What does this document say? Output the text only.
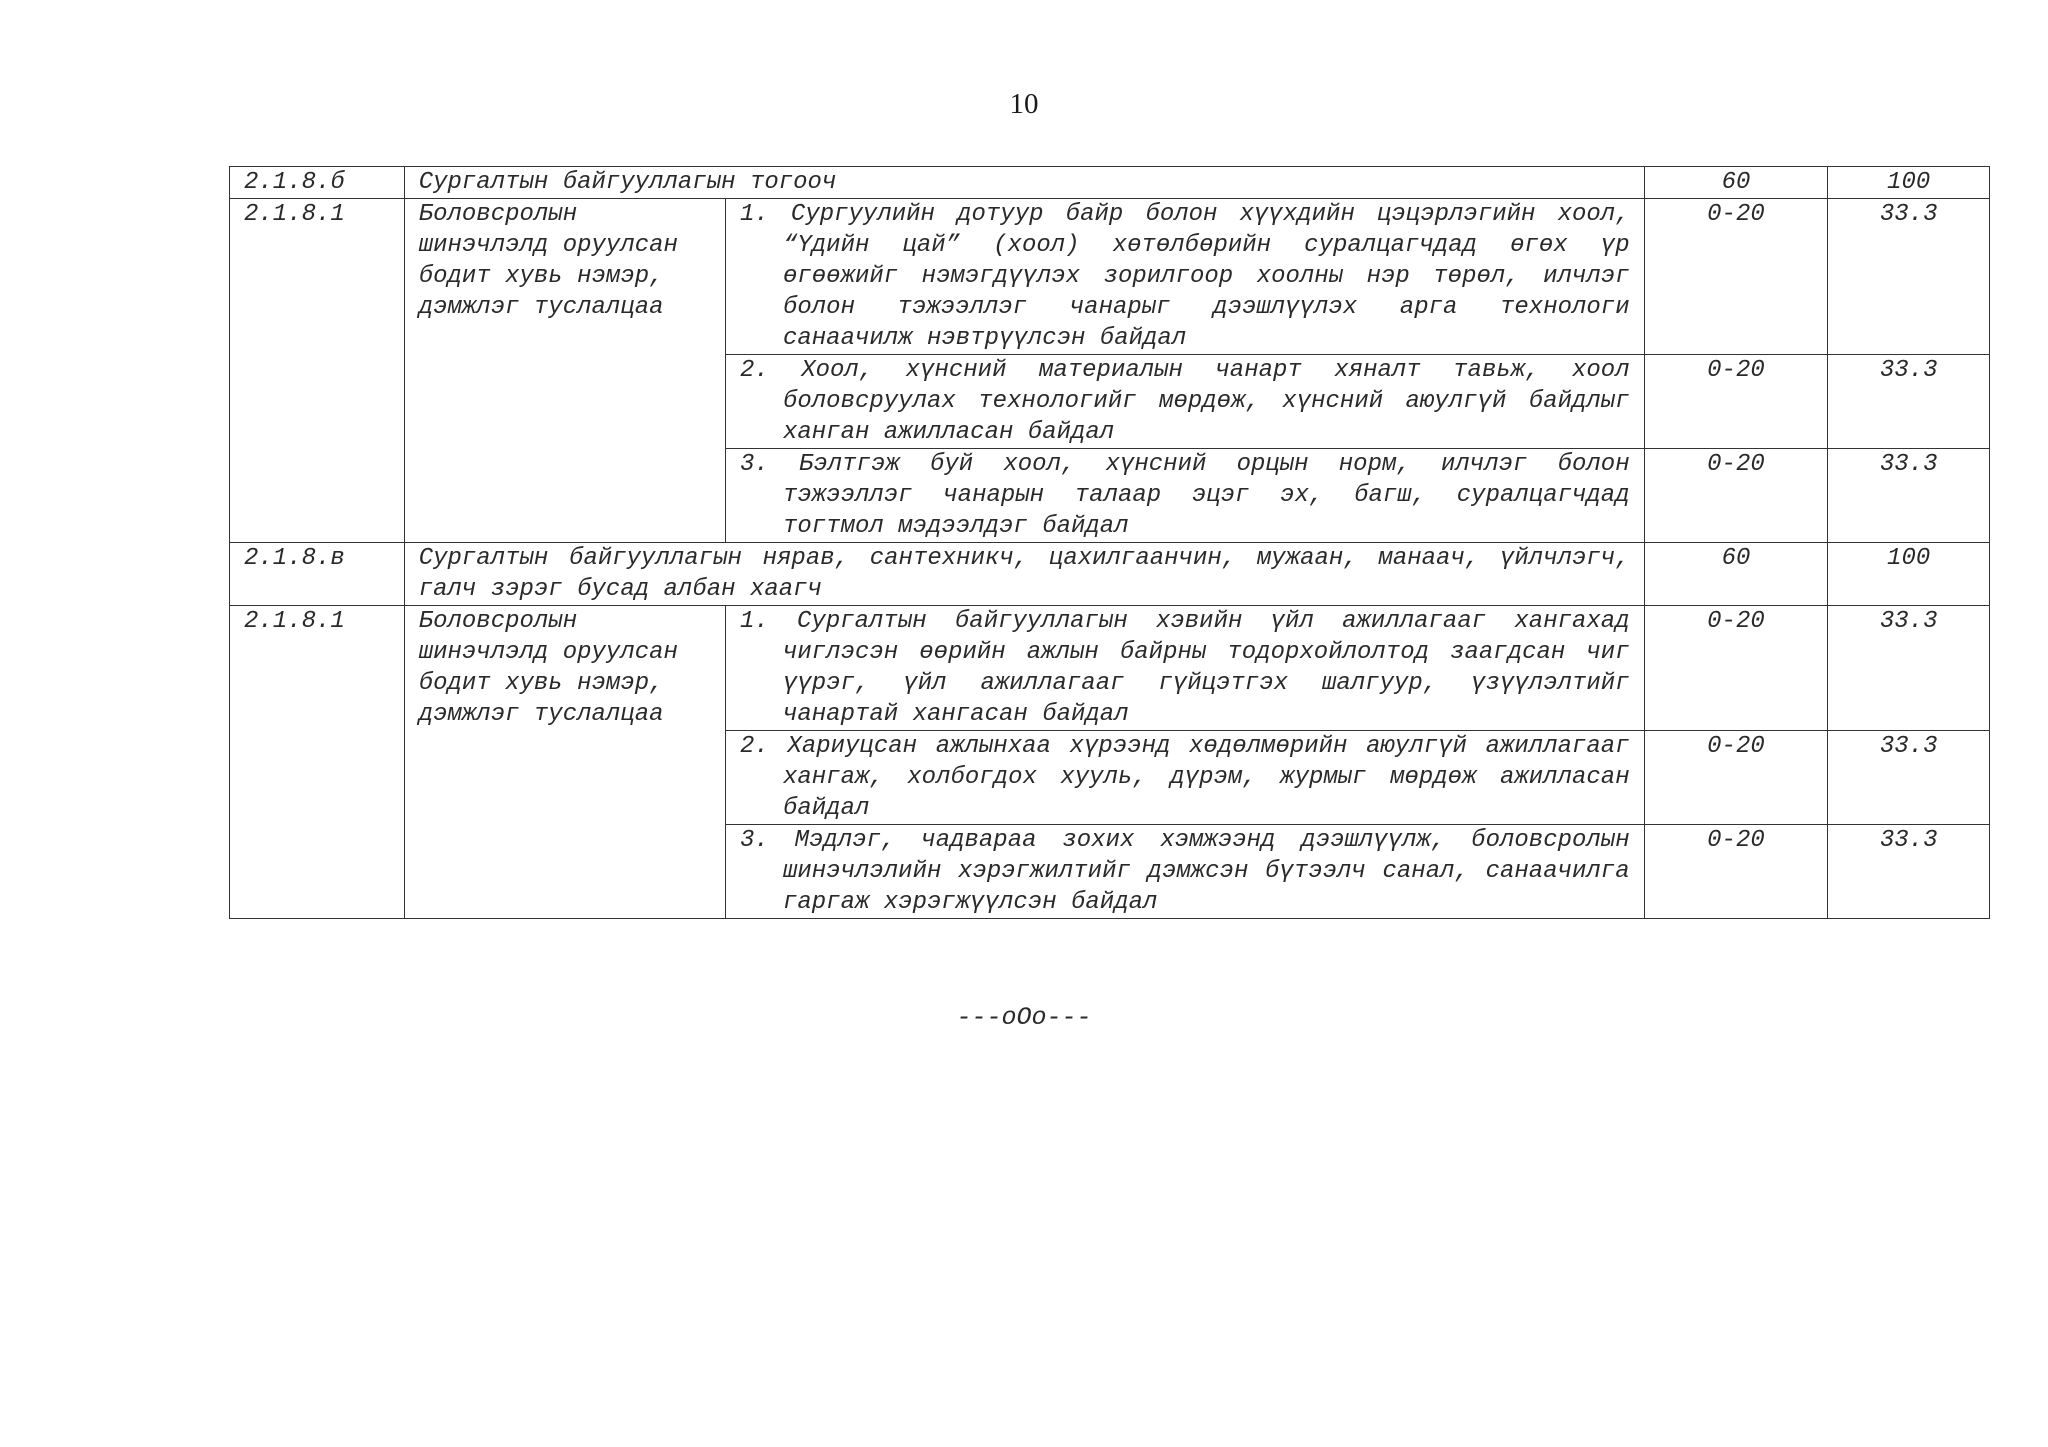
10
2.1.8.б	Сургалтын байгууллагын тогооч		60	100
2.1.8.1	Боловсролын шинэчлэлд оруулсан бодит хувь нэмэр, дэмжлэг туслалцаа	1. Сургуулийн дотуур байр болон хүүхдийн цэцэрлэгийн хоол, “Үдийн цай” (хоол) хөтөлбөрийн суралцагчдад өгөх үр өгөөжийг нэмэгдүүлэх зорилгоор хоолны нэр төрөл, илчлэг болон тэжээллэг чанарыг дээшлүүлэх арга технологи санаачилж нэвтрүүлсэн байдал	0-20	33.3

		2. Хоол, хүнсний материалын чанарт хяналт тавьж, хоол боловсруулах технологийг мөрдөж, хүнсний аюулгүй байдлыг ханган ажилласан байдал	0-20	33.3

		3. Бэлтгэж буй хоол, хүнсний орцын норм, илчлэг болон тэжээллэг чанарын талаар эцэг эх, багш, суралцагчдад тогтмол мэдээлдэг байдал	0-20	33.3
2.1.8.в	Сургалтын байгууллагын нярав, сантехникч, цахилгаанчин, мужаан, манаач, үйлчлэгч, галч зэрэг бусад албан хаагч		60	100
2.1.8.1	Боловсролын шинэчлэлд оруулсан бодит хувь нэмэр, дэмжлэг туслалцаа	1. Сургалтын байгууллагын хэвийн үйл ажиллагааг хангахад чиглэсэн өөрийн ажлын байрны тодорхойлолтод заагдсан чиг үүрэг, үйл ажиллагааг гүйцэтгэх шалгуур, үзүүлэлтийг чанартай хангасан байдал	0-20	33.3

		2. Хариуцсан ажлынхаа хүрээнд хөдөлмөрийн аюулгүй ажиллагааг хангаж, холбогдох хууль, дүрэм, журмыг мөрдөж ажилласан байдал	0-20	33.3

		3. Мэдлэг, чадвараа зохих хэмжээнд дээшлүүлж, боловсролын шинэчлэлийн хэрэгжилтийг дэмжсэн бүтээлч санал, санаачилга гаргаж хэрэгжүүлсэн байдал	0-20	33.3
---оОо---
